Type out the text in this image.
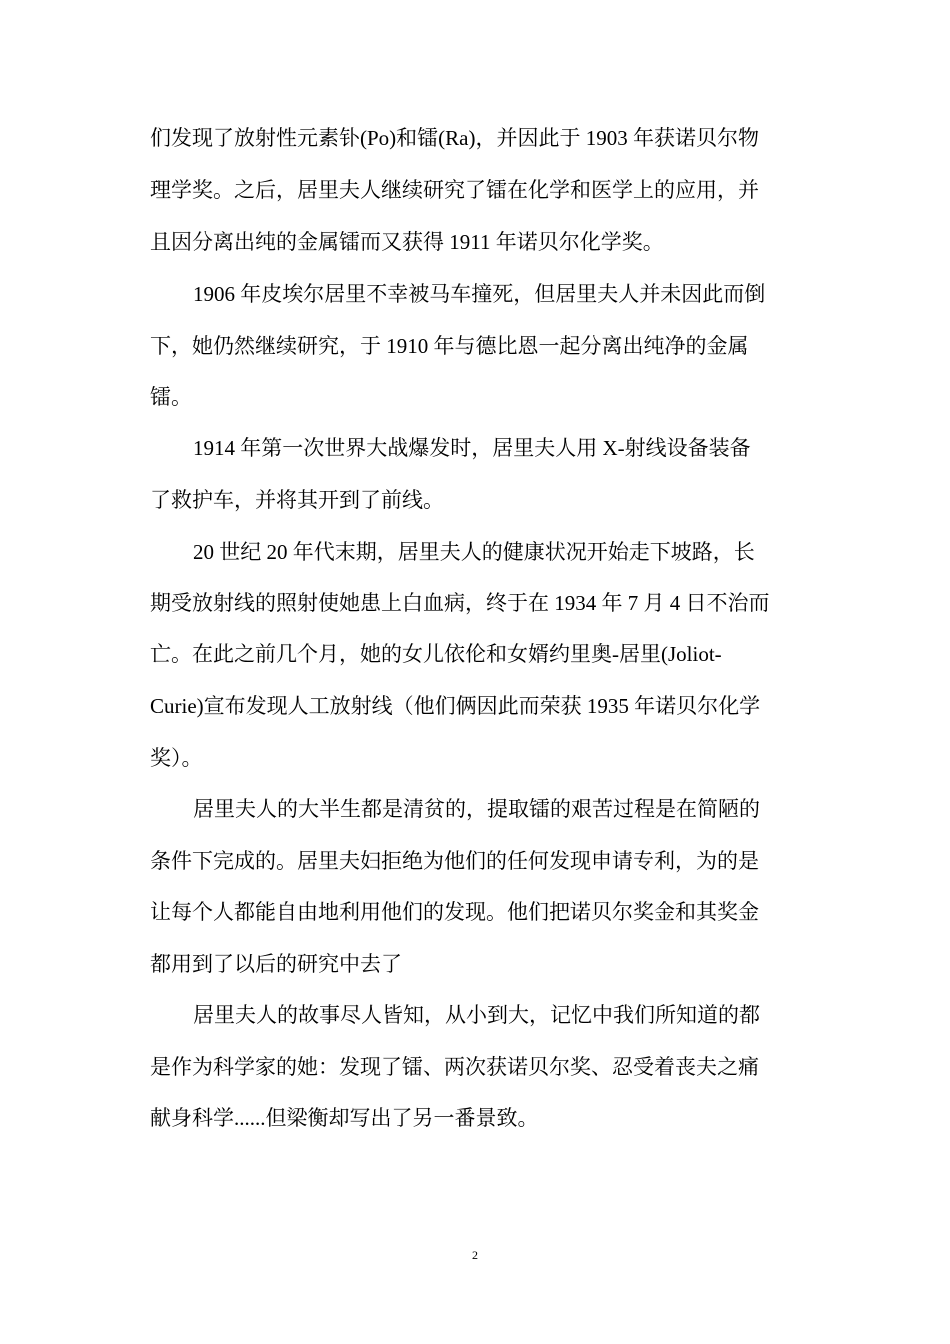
们发现了放射性元素钋(Po)和镭(Ra)，并因此于 1903 年获诺贝尔物
理学奖。之后，居里夫人继续研究了镭在化学和医学上的应用，并
且因分离出纯的金属镭而又获得 1911 年诺贝尔化学奖。
1906 年皮埃尔居里不幸被马车撞死，但居里夫人并未因此而倒
下，她仍然继续研究，于 1910 年与德比恩一起分离出纯净的金属
镭。
1914 年第一次世界大战爆发时，居里夫人用 X-射线设备装备
了救护车，并将其开到了前线。
20 世纪 20 年代末期，居里夫人的健康状况开始走下坡路，长
期受放射线的照射使她患上白血病，终于在 1934 年 7 月 4 日不治而
亡。在此之前几个月，她的女儿依伦和女婿约里奥-居里(Joliot-
Curie)宣布发现人工放射线（他们俩因此而荣获 1935 年诺贝尔化学
奖）。
居里夫人的大半生都是清贫的，提取镭的艰苦过程是在简陋的
条件下完成的。居里夫妇拒绝为他们的任何发现申请专利，为的是
让每个人都能自由地利用他们的发现。他们把诺贝尔奖金和其奖金
都用到了以后的研究中去了
居里夫人的故事尽人皆知，从小到大，记忆中我们所知道的都
是作为科学家的她：发现了镭、两次获诺贝尔奖、忍受着丧夫之痛
献身科学......但梁衡却写出了另一番景致。
2
